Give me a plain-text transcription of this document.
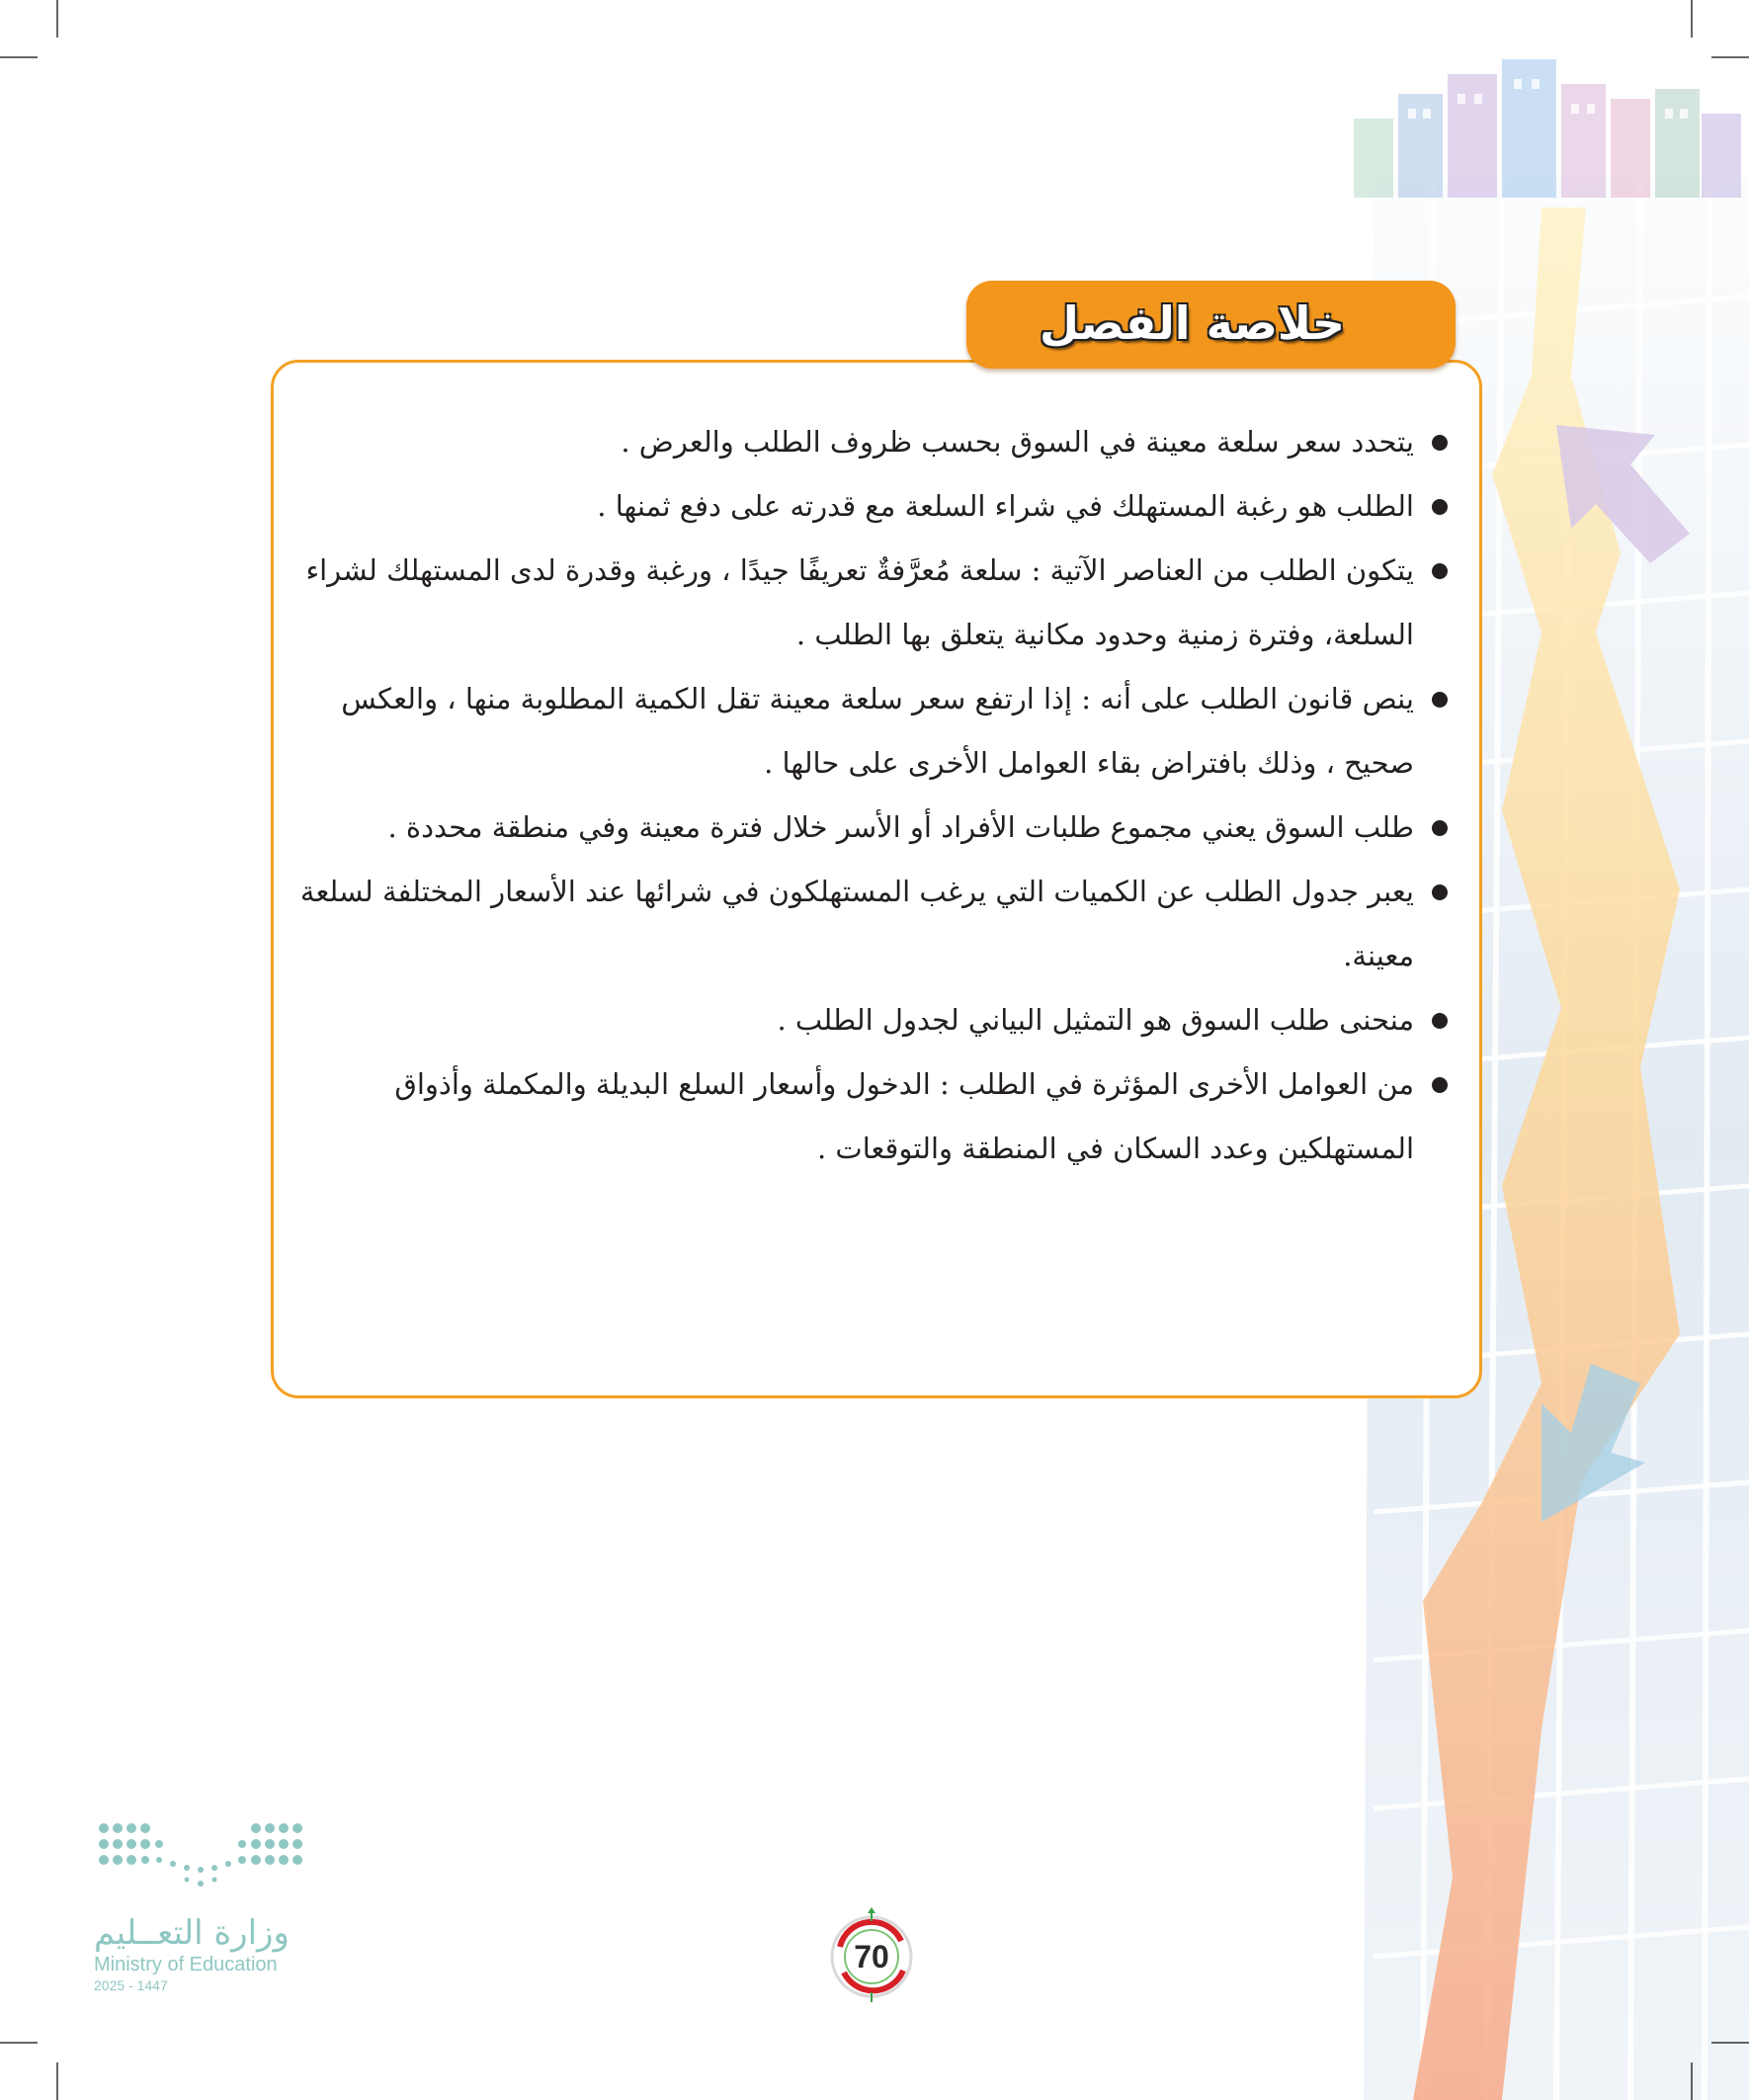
خلاصة الفصل
يتحدد سعر سلعة معينة في السوق بحسب ظروف الطلب والعرض .
الطلب هو رغبة المستهلك في شراء السلعة مع قدرته على دفع ثمنها .
يتكون الطلب من العناصر الآتية : سلعة مُعرَّفةٌ تعريفًا جيدًا ، ورغبة وقدرة لدى المستهلك لشراء السلعة، وفترة زمنية وحدود مكانية يتعلق بها الطلب .
ينص قانون الطلب على أنه : إذا ارتفع سعر سلعة معينة تقل الكمية المطلوبة منها ، والعكس صحيح ، وذلك بافتراض بقاء العوامل الأخرى على حالها .
طلب السوق يعني مجموع طلبات الأفراد أو الأسر خلال فترة معينة وفي منطقة محددة .
يعبر جدول الطلب عن الكميات التي يرغب المستهلكون في شرائها عند الأسعار المختلفة لسلعة معينة.
منحنى طلب السوق هو التمثيل البياني لجدول الطلب .
من العوامل الأخرى المؤثرة في الطلب : الدخول وأسعار السلع البديلة والمكملة وأذواق المستهلكين وعدد السكان في المنطقة والتوقعات .
وزارة التعــليم
Ministry of Education
2025 - 1447
70
